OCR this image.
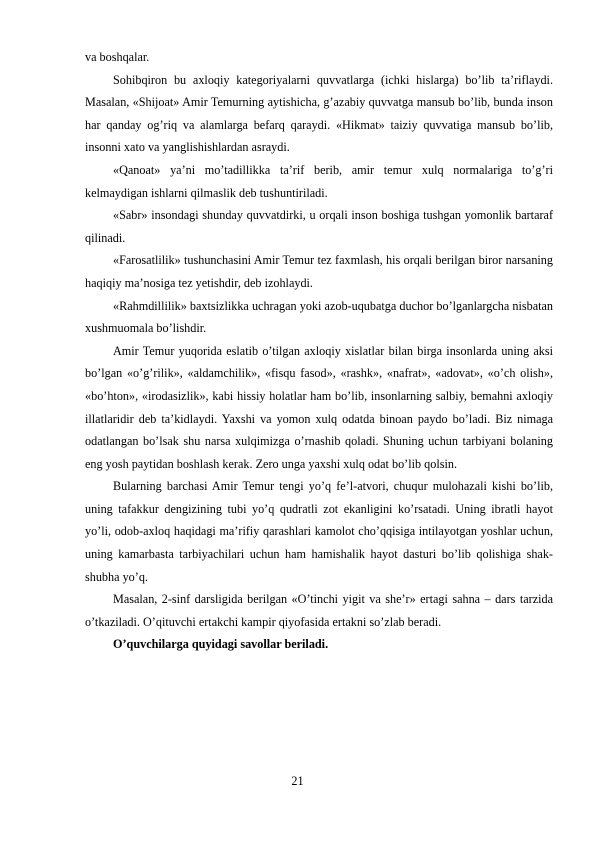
va boshqalar.

Sohibqiron bu axloqiy kategoriyalarni quvvatlarga (ichki hislarga) bo’lib ta’riflaydi. Masalan, «Shijoat» Amir Temurning aytishicha, g’azabiy quvvatga mansub bo’lib, bunda inson har qanday og’riq va alamlarga befarq qaraydi. «Hikmat» taiziy quvvatiga mansub bo’lib, insonni xato va yanglishishlardan asraydi.

«Qanoat» ya’ni mo’tadillikka ta’rif berib, amir temur xulq normalariga to’g’ri kelmaydigan ishlarni qilmaslik deb tushuntiriladi.

«Sabr» insondagi shunday quvvatdirki, u orqali inson boshiga tushgan yomonlik bartaraf qilinadi.

«Farosatlilik» tushunchasini Amir Temur tez faxmlash, his orqali berilgan biror narsaning haqiqiy ma’nosiga tez yetishdir, deb izohlaydi.

«Rahmdillilik» baxtsizlikka uchragan yoki azob-uqubatga duchor bo’lganlargcha nisbatan xushmuomala bo’lishdir.

Amir Temur yuqorida eslatib o’tilgan axloqiy xislatlar bilan birga insonlarda uning aksi bo’lgan «o’g’rilik», «aldamchilik», «fisqu fasod», «rashk», «nafrat», «adovat», «o’ch olish», «bo’hton», «irodasizlik», kabi hissiy holatlar ham bo’lib, insonlarning salbiy, bemahni axloqiy illatlaridir deb ta’kidlaydi. Yaxshi va yomon xulq odatda binoan paydo bo’ladi. Biz nimaga odatlangan bo’lsak shu narsa xulqimizga o’rnashib qoladi. Shuning uchun tarbiyani bolaning eng yosh paytidan boshlash kerak. Zero unga yaxshi xulq odat bo’lib qolsin.

Bularning barchasi Amir Temur tengi yo’q fe’l-atvori, chuqur mulohazali kishi bo’lib, uning tafakkur dengizining tubi yo’q qudratli zot ekanligini ko’rsatadi. Uning ibratli hayot yo’li, odob-axloq haqidagi ma’rifiy qarashlari kamolot cho’qqisiga intilayotgan yoshlar uchun, uning kamarbasta tarbiyachilari uchun ham hamishalik hayot dasturi bo’lib qolishiga shak-shubha yo’q.

Masalan, 2-sinf darsligida berilgan «O’tinchi yigit va she’r» ertagi sahna – dars tarzida o’tkaziladi. O’qituvchi ertakchi kampir qiyofasida ertakni so’zlab beradi.

O’quvchilarga quyidagi savollar beriladi.

21
